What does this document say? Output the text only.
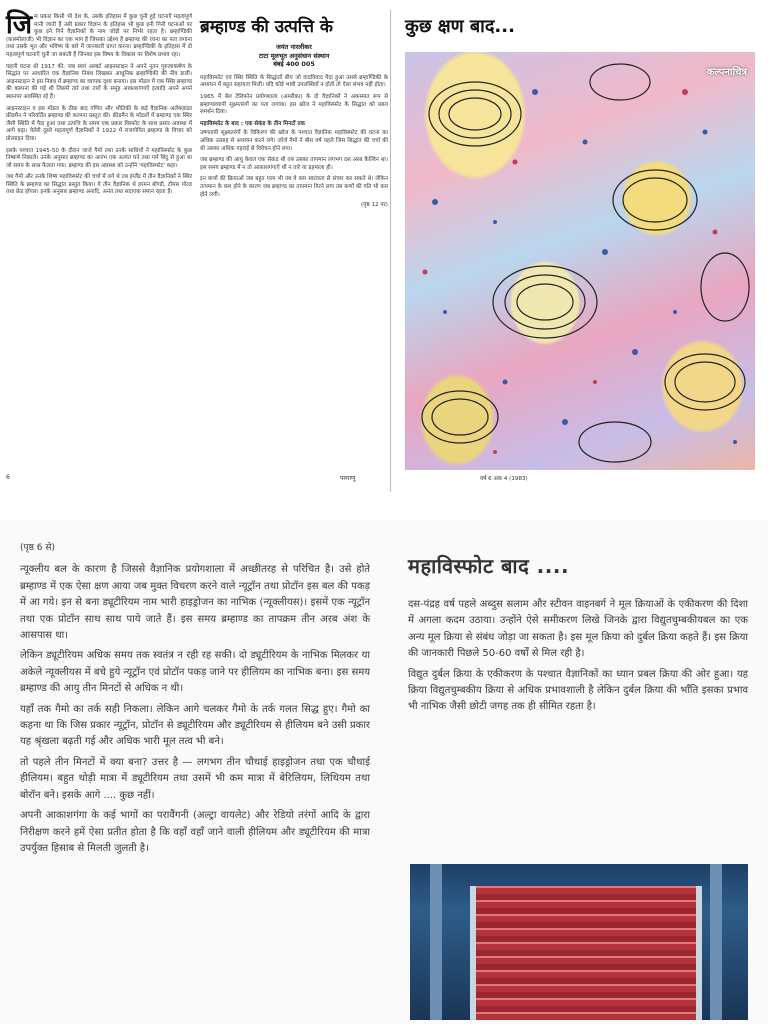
जिस प्रकार किसी भी देश के, उसके इतिहास में कुछ चुनी हुई घटनाएँ महत्वपूर्ण मानी जाती हैं उसी प्रकार विज्ञान के इतिहास भी कुछ इनी गिनी घटनाओं पर कुछ इने गिने वैज्ञानिकों के नाम जोड़ी पर निर्भर रहता है। ब्रम्हाण्डिकी (कास्मोलाजी) भी विज्ञान का एक भाग है जिसका उद्देश्य है ब्रम्हाण्ड की रचना का पता लगाना तथा उसके भूत और भविष्य के बारे में जानकारी प्राप्त करना। ब्रम्हाण्डिकी के इतिहास में दो महत्वपूर्ण घटनाएँ चुनी जा सकती हैं जिनका इस विषय के विकास पर विशेष प्रभाव रहा।

पहली घटना थी 1917 की, जब स्वयं अल्बर्ट आइनस्टाइन ने अपने नूतन गुरुत्वाकर्षण के सिद्धांत पर आधारित एक वैज्ञानिक निबंध लिखकर आधुनिक ब्रम्हाण्डिकी की नींव डाली। आइनस्टाइन ने इस निबंध में ब्रम्हाण्ड का व्यापक दृश्य बनाया। इस मॉडल में एक स्थिर ब्रम्हाण्ड की कल्पना की गई थी जिसमें तारे तथा तारों के समूह आकाशगंगाएँ इत्यादि अपने अपने स्थानपर अवस्थित रहे हैं।

आइनस्टाइन व इस मॉडल के ठीक बाद गणित और भौतिकी के कई वैज्ञानिक अलेक्ज़ांडर फ्रीडमैन ने परिवर्तित ब्रम्हाण्ड की कल्पना प्रस्तुत की। फ्रीडमैन के मॉडलों में ब्रम्हाण्ड एक स्थिर जैसी स्थिति में पैदा हुआ तथा उत्पत्ति के समय एक प्रकार विस्फोट के साथ प्रसार अवस्था में आगे बढ़ा। वेलेरी दूसरे महत्वपूर्ण वैज्ञानिकों ने 1922 में राजगोपित ब्रम्हाण्ड के विचार को प्रोत्साहन दिया।

इसके पश्चात 1945-50 के दौरान जार्ज गैमो तथा उनके साथियों ने महाविस्फोट के कुछ निष्कर्ष निकाले। उनके अनुसार ब्रम्हाण्ड का आरंभ एक अत्यंत घने तथा गर्म बिंदु से हुआ था जो समय के साथ फैलता गया। ब्रम्हाण्ड की इस अवस्था को उन्होंने 'महाविस्फोट' कहा।

जब गैमो और उनके शिष्य महाविस्फोट की चर्चा में लगे थे तब इंग्लैंड में तीन वैज्ञानिकों ने स्थिर स्थिति के ब्रम्हाण्ड का सिद्धांत प्रस्तुत किया। ये तीन वैज्ञानिक थे हरमन बॉण्डी, टॉमस गोल्ड तथा फ्रेड हॉयल। इनके अनुसार ब्रम्हाण्ड अनादि, अनंत तथा सदाएक समान रहता है।

6
ब्रम्हाण्ड की उत्पत्ति के
जयंत नारलीकर
टाटा मूलभूत अनुसंधान संस्थान
बंबई 400 005

महाविस्फोट एवं स्थिर स्थिति के सिद्धांतों बीच जो वादविवाद पैदा हुआ उससे ब्रम्हाण्डिकी के अध्ययन में बहुत सहायता मिली। यदि कोई भावी उपलब्धियाँ न होती तो ऐसा संभव नहीं होता।

1965 में बेल टेलिफोन प्रयोगशाला (अमरीका) के दो वैज्ञानिकों ने अकस्मात रूप से ब्रम्हाण्डव्यापी सूक्ष्मतरंगों का पता लगाया। इस खोज ने महाविस्फोट के सिद्धांत को प्रबल समर्थन दिया।

महाविस्फोट के बाद : एक सेकंड के तीन मिनटों तक

उष्णतापी सूक्ष्मतरंगों के विकिरण की खोज के पश्चात वैज्ञानिक महाविस्फोट की घटना का अधिक उत्साह से अध्ययन करने लगे। जॉर्ज गैमो ने बीस वर्ष पहले जिस सिद्धांत की चर्चा की थी उसका अधिक गहराई से विवेचन होने लगा।

जब ब्रम्हाण्ड की आयु केवल एक सेकंड थी तब उसका तापमान लगभग दस अरब कैल्विन था। इस समय ब्रम्हाण्ड में न तो आकाशगंगाएँ थीं न तारे या ग्रहमाला ही।

इन कणों की क्रियाओं जब बहुत गरम भी तब वे कम स्वतंत्रता से संचार कर सकते थे। लेकिन तापमान के कम होने के कारण जब ब्रम्हाण्ड का तापमान गिरने लगा तब कणों की गति भी कम होने लगी।

(पृष्ठ 12 पर)
परमाणु
कुछ क्षण बाद...
कल्पनाचित्र
वर्ष 6 अंक 4 (1983)
(पृष्ठ 6 से)

न्यूक्लीय बल के कारण है जिससे वैज्ञानिक प्रयोगशाला में अच्छीतरह से परिचित है। उसे होते ब्रम्हाण्ड में एक ऐसा क्षण आया जब मुक्त विचरण करने वाले न्यूट्रॉन तथा प्रोटॉन इस बल की पकड़ में आ गये। इन से बना ड्यूटीरियम नाम भारी हाइड्रोजन का नाभिक (न्यूक्लीयस)। इसमें एक न्यूट्रॉन तथा एक प्रोटॉन साथ साथ पाये जाते हैं। इस समय ब्रम्हाण्ड का तापक्रम तीन अरब अंश के आसपास था।

लेकिन ड्यूटीरियम अधिक समय तक स्वतंत्र न रही रह सकी। दो ड्यूटीरियम के नाभिक मिलकर या अकेले न्यूक्लीयस में बचे हुये न्यूट्रॉन एवं प्रोटॉन पकड़ जाने पर हीलियम का नाभिक बना। इस समय ब्रम्हाण्ड की आयु तीन मिनटों से अधिक न थी।

यहाँ तक गैमो का तर्क सही निकला। लेकिन आगे चलकर गैमो के तर्क गलत सिद्ध हुए। गैमो का कहना था कि जिस प्रकार न्यूट्रॉन, प्रोटॉन से ड्यूटीरियम और ड्यूटीरियम से हीलियम बने उसी प्रकार यह श्रृंखला बढ़ती गई और अधिक भारी मूल तत्व भी बने।

तो पहले तीन मिनटों में क्या बना? उत्तर है — लगभग तीन चौथाई हाइड्रोजन तथा एक चौथाई हीलियम। बहुत थोड़ी मात्रा में ड्यूटीरियम तथा उसमें भी कम मात्रा में बेरिलियम, लिथियम तथा बोरॉन बने। इसके आगे .... कुछ नहीं।

अपनी आकाशगंगा के कई भागों का परावैंगनी (अल्ट्रा वायलेट) और रेडियो तरंगों आदि के द्वारा निरीक्षण करने हमें ऐसा प्रतीत होता है कि वहाँ वहाँ जाने वाली हीलियम और ड्यूटीरियम की मात्रा उपर्युक्त हिसाब से मिलती जुलती है।

महाविस्फोट बाद ....

दस-पंद्रह वर्ष पहले अब्दुस सलाम और स्टीवन वाइनबर्ग ने मूल क्रियाओं के एकीकरण की दिशा में अगला कदम उठाया। उन्होंने ऐसे समीकरण लिखे जिनके द्वारा विद्युतचुम्बकीयबल का एक अन्य मूल क्रिया से संबंध जोड़ा जा सकता है। इस मूल क्रिया को दुर्बल क्रिया कहते हैं। इस क्रिया की जानकारी पिछले 50-60 वर्षों से मिल रही है।

विद्युत दुर्बल क्रिया के एकीकरण के पश्चात वैज्ञानिकों का ध्यान प्रबल क्रिया की ओर हुआ। यह क्रिया विद्युतचुम्बकीय क्रिया से अधिक प्रभावशाली है लेकिन दुर्बल क्रिया की भाँति इसका प्रभाव भी नाभिक जैसी छोटी जगह तक ही सीमित रहता है।
